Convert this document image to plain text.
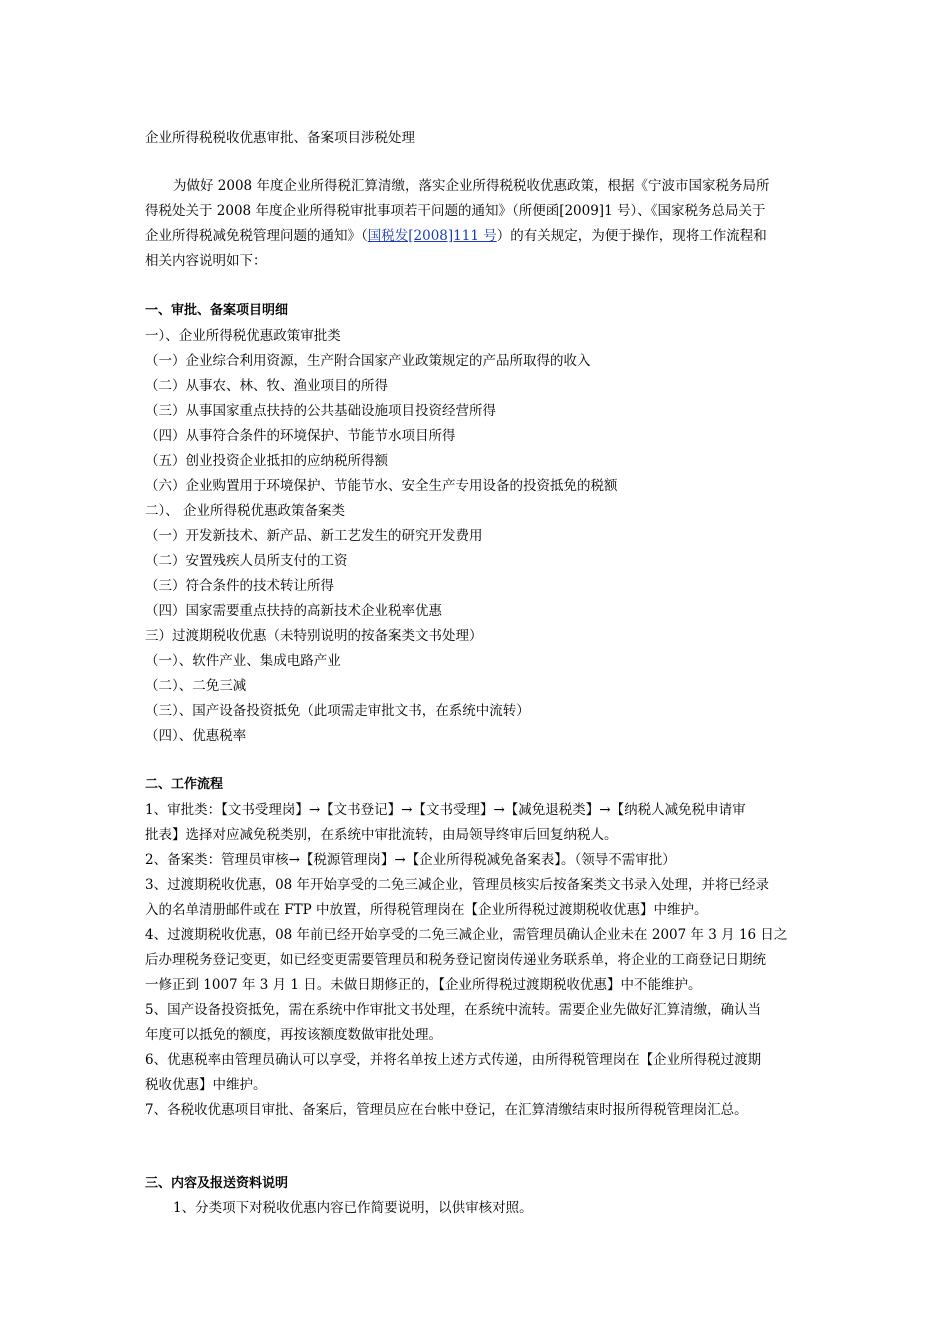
企业所得税税收优惠审批、备案项目涉税处理
为做好 2008 年度企业所得税汇算清缴，落实企业所得税税收优惠政策，根据《宁波市国家税务局所
得税处关于 2008 年度企业所得税审批事项若干问题的通知》（所便函[2009]1 号）、《国家税务总局关于
企业所得税减免税管理问题的通知》（国税发[2008]111 号）的有关规定，为便于操作，现将工作流程和
相关内容说明如下：
一、审批、备案项目明细
一）、企业所得税优惠政策审批类
（一）企业综合利用资源，生产附合国家产业政策规定的产品所取得的收入
（二）从事农、林、牧、渔业项目的所得
（三）从事国家重点扶持的公共基础设施项目投资经营所得
（四）从事符合条件的环境保护、节能节水项目所得
（五）创业投资企业抵扣的应纳税所得额
（六）企业购置用于环境保护、节能节水、安全生产专用设备的投资抵免的税额
二）、 企业所得税优惠政策备案类
（一）开发新技术、新产品、新工艺发生的研究开发费用
（二）安置残疾人员所支付的工资
（三）符合条件的技术转让所得
（四）国家需要重点扶持的高新技术企业税率优惠
三）过渡期税收优惠（未特别说明的按备案类文书处理）
（一）、软件产业、集成电路产业
（二）、二免三减
（三）、国产设备投资抵免（此项需走审批文书，在系统中流转）
（四）、优惠税率
二、工作流程
1、审批类：【文书受理岗】→【文书登记】→【文书受理】→【减免退税类】→【纳税人减免税申请审
批表】选择对应减免税类别，在系统中审批流转，由局领导终审后回复纳税人。
2、备案类：管理员审核→【税源管理岗】→【企业所得税减免备案表】。（领导不需审批）
3、过渡期税收优惠，08 年开始享受的二免三减企业，管理员核实后按备案类文书录入处理，并将已经录
入的名单清册邮件或在 FTP 中放置，所得税管理岗在【企业所得税过渡期税收优惠】中维护。
4、过渡期税收优惠，08 年前已经开始享受的二免三减企业，需管理员确认企业未在 2007 年 3 月 16 日之
后办理税务登记变更，如已经变更需要管理员和税务登记窗岗传递业务联系单，将企业的工商登记日期统
一修正到 1007 年 3 月 1 日。未做日期修正的，【企业所得税过渡期税收优惠】中不能维护。
5、国产设备投资抵免，需在系统中作审批文书处理，在系统中流转。需要企业先做好汇算清缴，确认当
年度可以抵免的额度，再按该额度数做审批处理。
6、优惠税率由管理员确认可以享受，并将名单按上述方式传递，由所得税管理岗在【企业所得税过渡期
税收优惠】中维护。
7、各税收优惠项目审批、备案后，管理员应在台帐中登记，在汇算清缴结束时报所得税管理岗汇总。
三、内容及报送资料说明
1、分类项下对税收优惠内容已作简要说明，以供审核对照。
